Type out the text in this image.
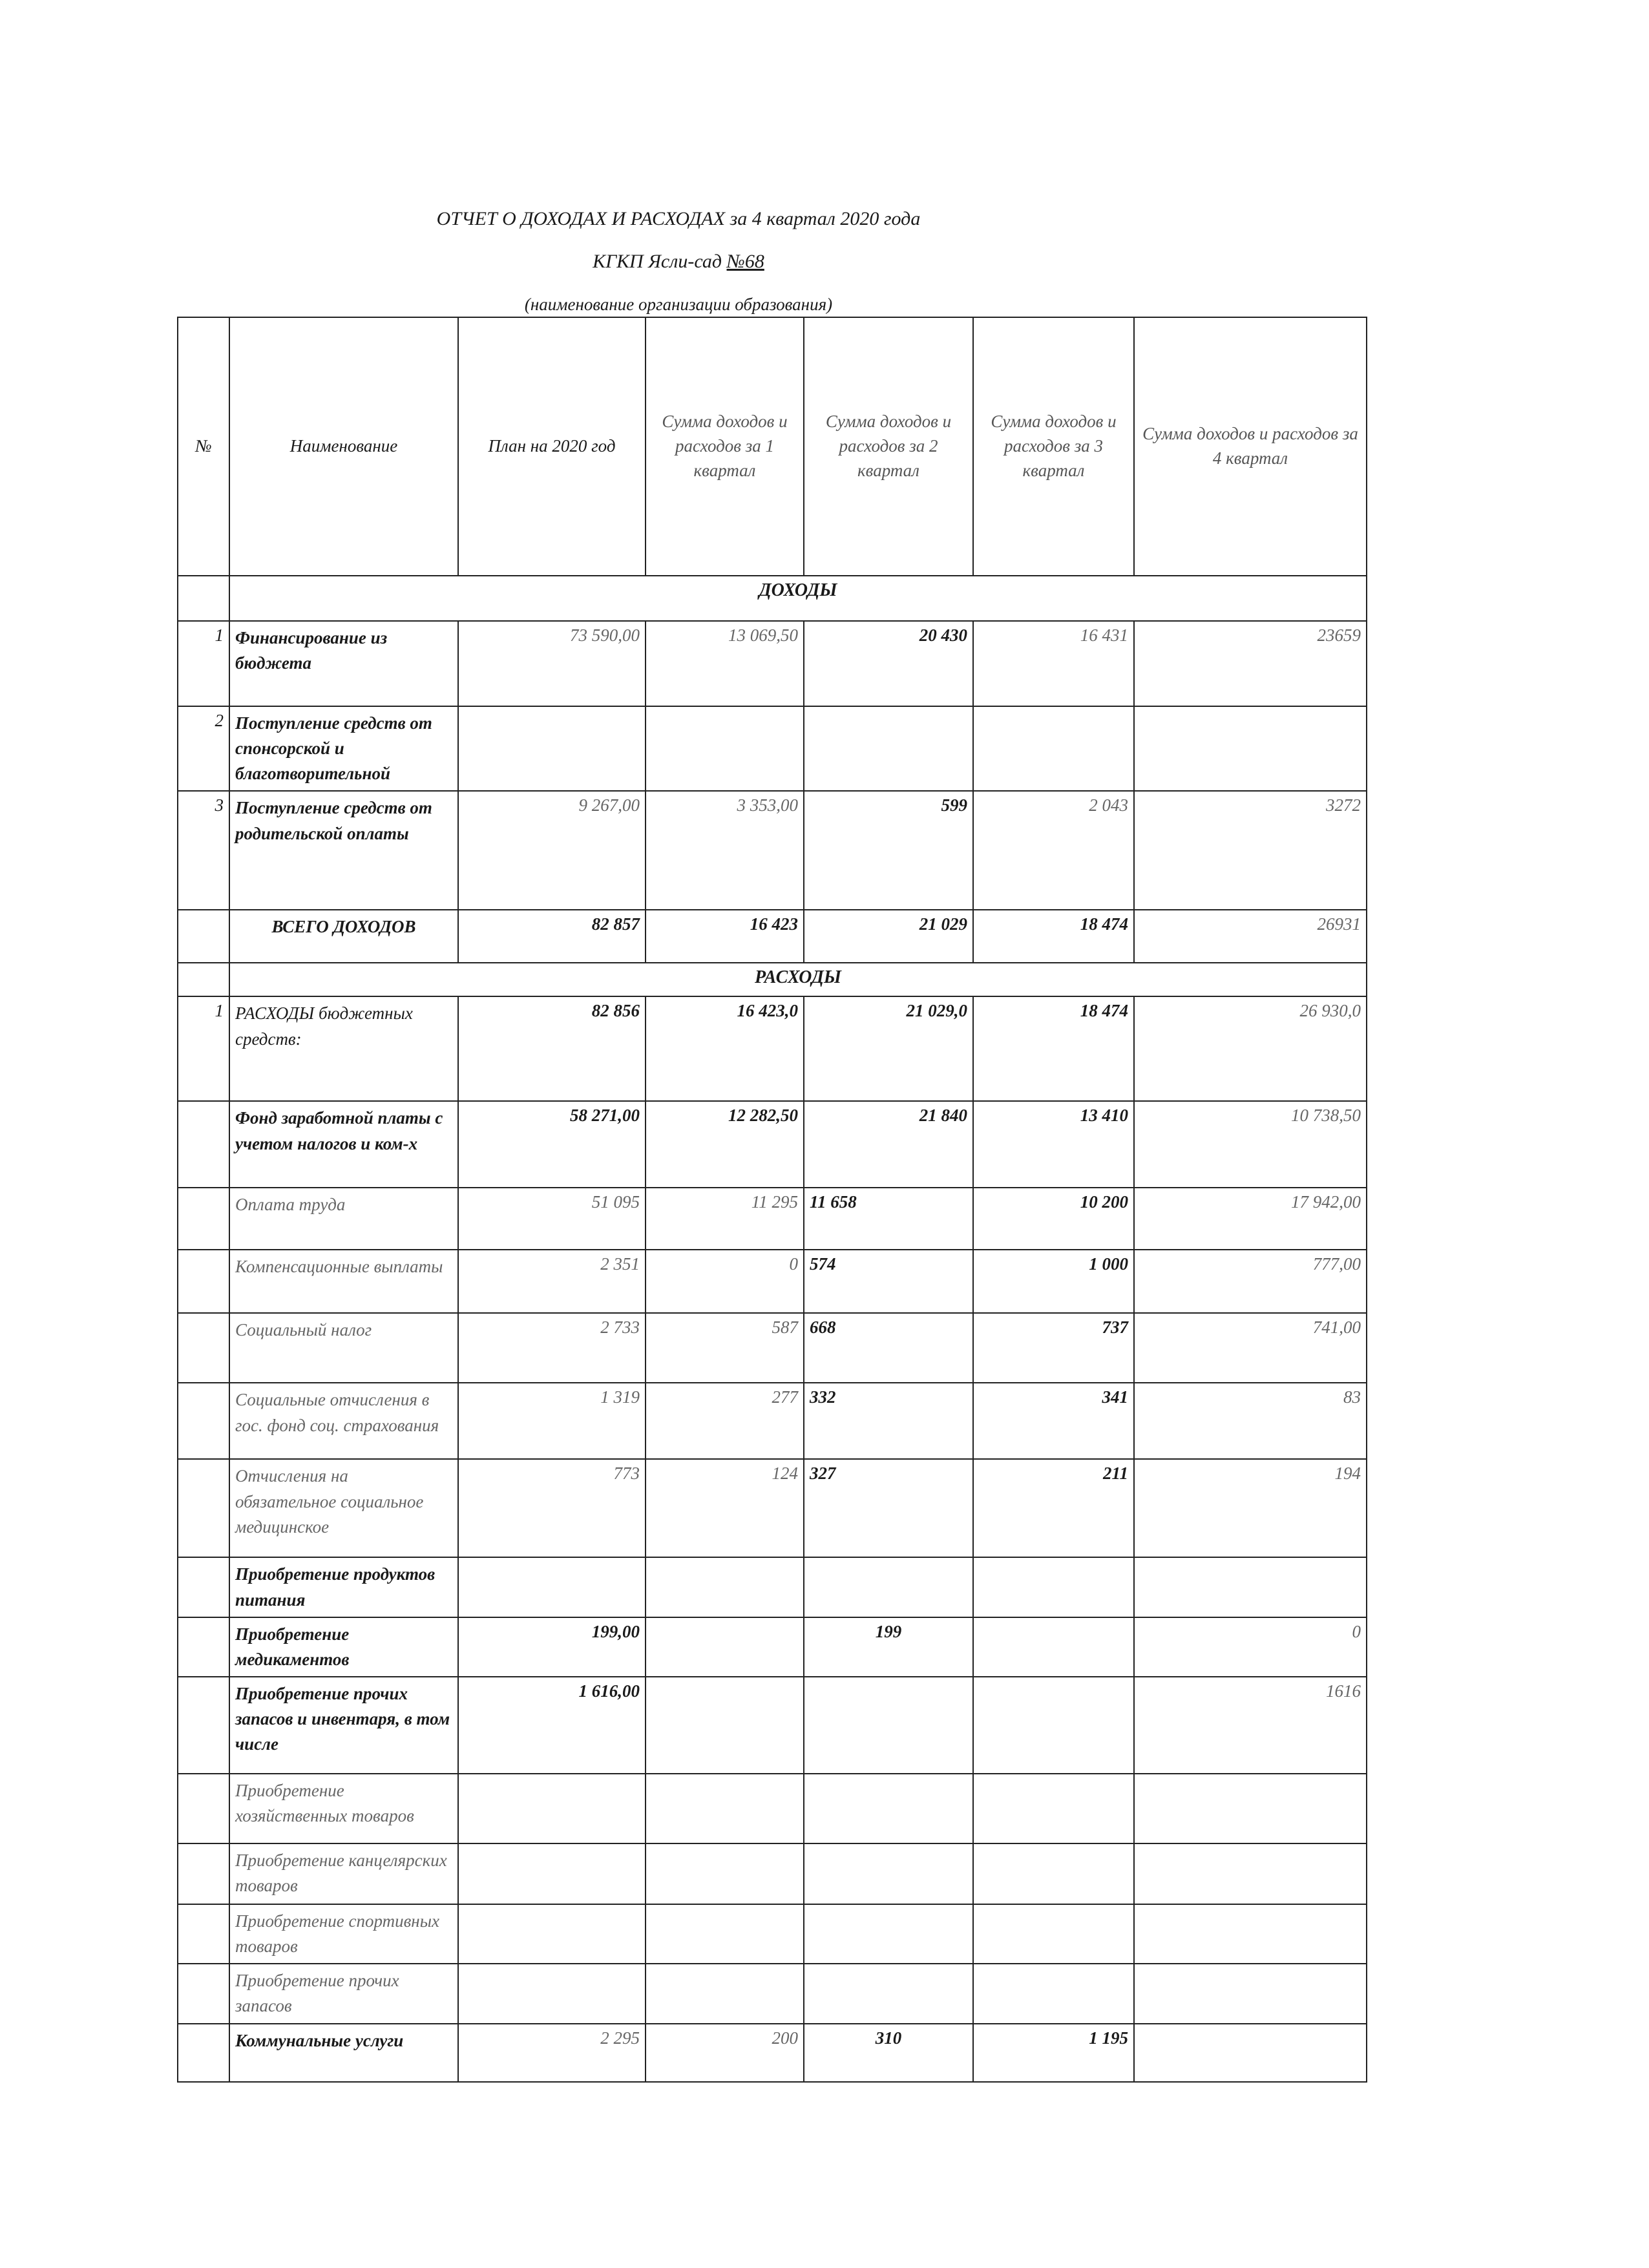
ОТЧЕТ О ДОХОДАХ И РАСХОДАХ за 4 квартал 2020 года
КГКП Ясли-сад №68
(наименование организации образования)
№	Наименование	План на 2020 год	Сумма доходов и расходов за 1 квартал	Сумма доходов и расходов за 2 квартал	Сумма доходов и расходов за 3 квартал	Сумма доходов и расходов за 4 квартал
	ДОХОДЫ					
1	Финансирование из бюджета	73 590,00	13 069,50	20 430	16 431	23659
2	Поступление средств от спонсорской и благотворительной					
3	Поступление средств от родительской оплаты	9 267,00	3 353,00	599	2 043	3272
	ВСЕГО ДОХОДОВ	82 857	16 423	21 029	18 474	26931
	РАСХОДЫ					
1	РАСХОДЫ бюджетных средств:	82 856	16 423,0	21 029,0	18 474	26 930,0
	Фонд заработной платы с учетом налогов и ком-х	58 271,00	12 282,50	21 840	13 410	10 738,50
	Оплата труда	51 095	11 295	11 658	10 200	17 942,00
	Компенсационные выплаты	2 351	0	574	1 000	777,00
	Социальный налог	2 733	587	668	737	741,00
	Социальные отчисления в гос. фонд соц. страхования	1 319	277	332	341	83
	Отчисления на обязательное социальное медицинское	773	124	327	211	194
	Приобретение продуктов питания					
	Приобретение медикаментов	199,00		199		0
	Приобретение прочих запасов и инвентаря, в том числе	1 616,00				1616
	Приобретение хозяйственных товаров					
	Приобретение канцелярских товаров					
	Приобретение спортивных товаров					
	Приобретение прочих запасов					
	Коммунальные услуги	2 295	200	310	1 195	
